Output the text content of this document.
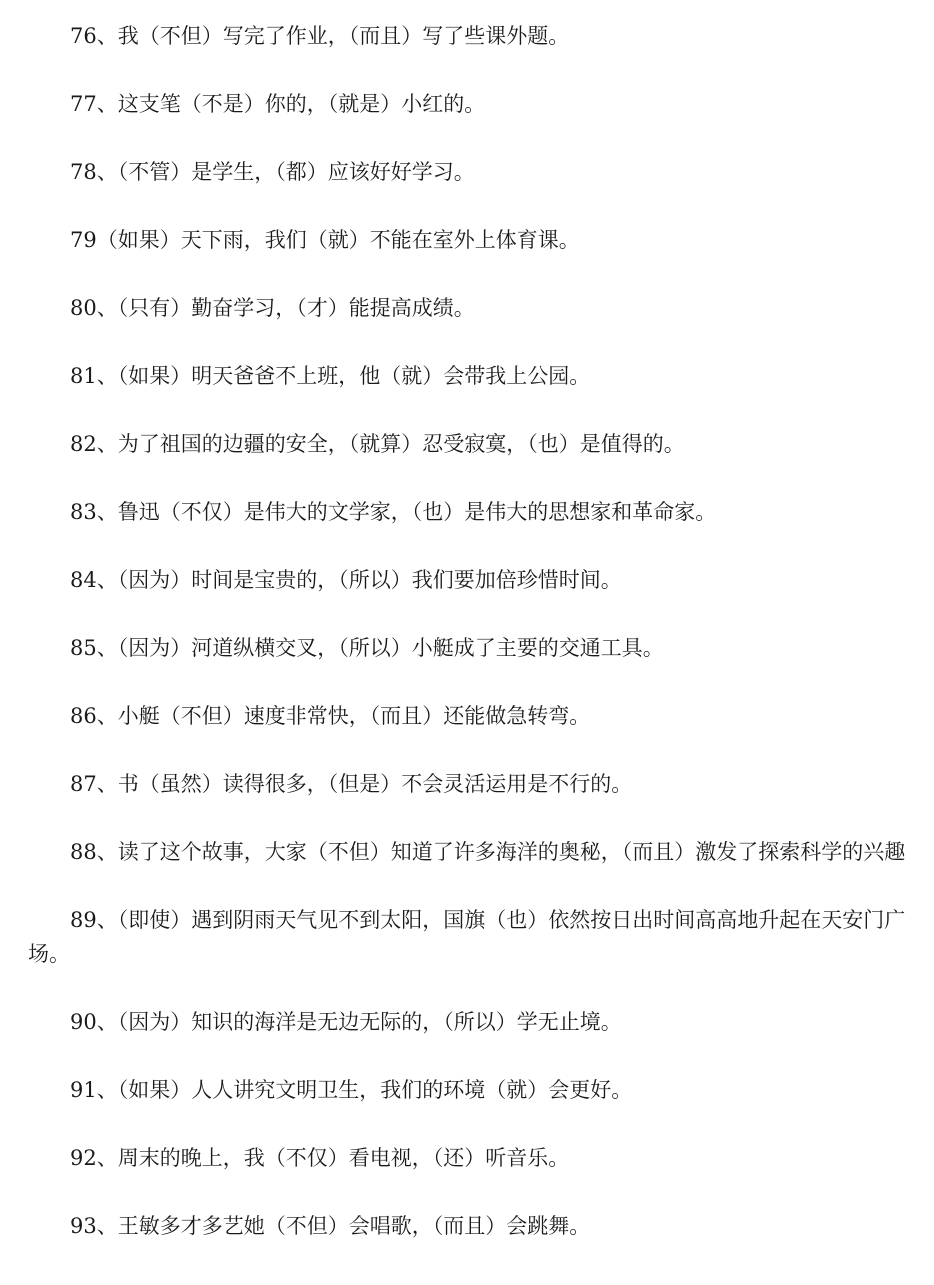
76、我（不但）写完了作业，（而且）写了些课外题。

77、这支笔（不是）你的，（就是）小红的。

78、（不管）是学生，（都）应该好好学习。

79（如果）天下雨，我们（就）不能在室外上体育课。

80、（只有）勤奋学习，（才）能提高成绩。

81、（如果）明天爸爸不上班，他（就）会带我上公园。

82、为了祖国的边疆的安全，（就算）忍受寂寞，（也）是值得的。

83、鲁迅（不仅）是伟大的文学家，（也）是伟大的思想家和革命家。

84、（因为）时间是宝贵的，（所以）我们要加倍珍惜时间。

85、（因为）河道纵横交叉，（所以）小艇成了主要的交通工具。

86、小艇（不但）速度非常快，（而且）还能做急转弯。

87、书（虽然）读得很多，（但是）不会灵活运用是不行的。

88、读了这个故事，大家（不但）知道了许多海洋的奥秘，（而且）激发了探索科学的兴趣

89、（即使）遇到阴雨天气见不到太阳，国旗（也）依然按日出时间高高地升起在天安门广场。

90、（因为）知识的海洋是无边无际的，（所以）学无止境。

91、（如果）人人讲究文明卫生，我们的环境（就）会更好。

92、周末的晚上，我（不仅）看电视，（还）听音乐。

93、王敏多才多艺她（不但）会唱歌，（而且）会跳舞。
